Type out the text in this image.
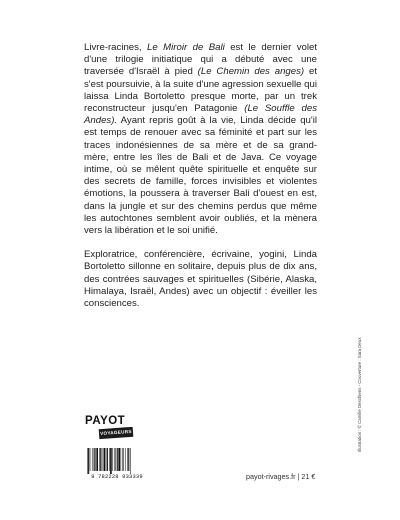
Livre-racines, Le Miroir de Bali est le dernier volet d'une trilogie initiatique qui a débuté avec une traversée d'Israël à pied (Le Chemin des anges) et s'est poursuivie, à la suite d'une agression sexuelle qui laissa Linda Bortoletto presque morte, par un trek reconstructeur jusqu'en Patagonie (Le Souffle des Andes). Ayant repris goût à la vie, Linda décide qu'il est temps de renouer avec sa féminité et part sur les traces indonésiennes de sa mère et de sa grand-mère, entre les îles de Bali et de Java. Ce voyage intime, où se mêlent quête spirituelle et enquête sur des secrets de famille, forces invisibles et violentes émotions, la poussera à traverser Bali d'ouest en est, dans la jungle et sur des chemins perdus que même les autochtones semblent avoir oubliés, et la mènera vers la libération et le soi unifié.

Exploratrice, conférencière, écrivaine, yogini, Linda Bortoletto sillonne en solitaire, depuis plus de dix ans, des contrées sauvages et spirituelles (Sibérie, Alaska, Himalaya, Israël, Andes) avec un objectif : éveiller les consciences.

Illustration : © Camille Deschiens - Couverture : Sara Deux
PAYOT
VOYAGEURS
9 782228 933339	payot-rivages.fr | 21 €
